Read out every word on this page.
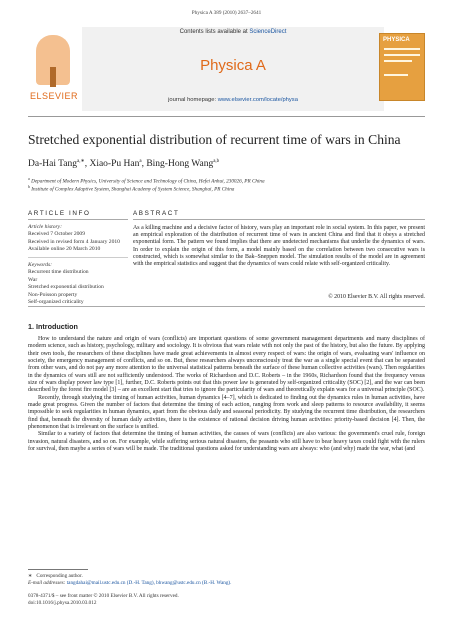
Physica A 389 (2010) 2637–2641
ELSEVIER
Contents lists available at ScienceDirect
Physica A
journal homepage: www.elsevier.com/locate/physa
PHYSICA
Stretched exponential distribution of recurrent time of wars in China
Da-Hai Tang$^{a,∗}$, Xiao-Pu Han$^a$, Bing-Hong Wang$^{a,b}$
$^a$ Department of Modern Physics, University of Science and Technology of China, Hefei Anhui, 230026, PR China
$^b$ Institute of Complex Adaptive System, Shanghai Academy of System Science, Shanghai, PR China
ARTICLE INFO	ABSTRACT
Article history:
Received 7 October 2009
Received in revised form 4 January 2010
Available online 20 March 2010
Keywords:
Recurrent time distribution
War
Stretched exponential distribution
Non-Poisson property
Self-organized criticality
As a killing machine and a decisive factor of history, wars play an important role in social system. In this paper, we present an empirical exploration of the distribution of recurrent time of wars in ancient China and find that it obeys a stretched exponential form. The pattern we found implies that there are undetected mechanisms that underlie the dynamics of wars. In order to explain the origin of this form, a model mainly based on the correlation between two consecutive wars is constructed, which is somewhat similar to the Bak–Sneppen model. The simulation results of the model are in agreement with the empirical statistics and suggest that the dynamics of wars could relate with self-organized criticality.
© 2010 Elsevier B.V. All rights reserved.
1. Introduction

How to understand the nature and origin of wars (conflicts) are important questions of some government management departments and many disciplines of modern science, such as history, psychology, military and sociology. It is obvious that wars relate with not only the past of the history, but also the future. By applying their own tools, the researchers of these disciplines have made great achievements in almost every respect of wars: the origin of wars, evaluating wars' influence on society, the emergency management of conflicts, and so on. But, these researchers always unconsciously treat the war as a single special event that can be separated from other wars, and do not pay any more attention to the universal statistical patterns beneath the surface of these human collective activities (wars). Then regularities in the dynamics of wars still are not sufficiently understood. The works of Richardson and D.C. Roberts – in the 1960s, Richardson found that the frequency versus size of wars display power law type [1], further, D.C. Roberts points out that this power law is generated by self-organized criticality (SOC) [2], and the war can been described by the forest fire model [3] – are an excellent start that tries to ignore the particularity of wars and theoretically explain wars for a universal principle (SOC).

Recently, through studying the timing of human activities, human dynamics [4–7], which is dedicated to finding out the dynamics rules in human activities, have made great progress. Given the number of factors that determine the timing of each action, ranging from work and sleep patterns to resource availability, it seems impossible to seek regularities in human dynamics, apart from the obvious daily and seasonal periodicity. By studying the recurrent time distribution, the researchers find that, beneath the diversity of human daily activities, there is the existence of rational decision driving human activities: priority-based decision [4]. Then, the phenomenon that is irrelevant on the surface is unified.

Similar to a variety of factors that determine the timing of human activities, the causes of wars (conflicts) are also various: the government's cruel rule, foreign invasion, natural disasters, and so on. For example, while suffering serious natural disasters, the peasants who still have to bear heavy taxes could fight with the rulers for survival, then maybe a series of wars will be made. The traditional questions asked for understanding wars are always: who (and why) made the war, what (and

∗ Corresponding author.
E-mail addresses: tangdahai@mail.ustc.edu.cn (D.-H. Tang), bhwang@ustc.edu.cn (B.-H. Wang).
0378-4371/$ – see front matter © 2010 Elsevier B.V. All rights reserved.
doi:10.1016/j.physa.2010.03.012
